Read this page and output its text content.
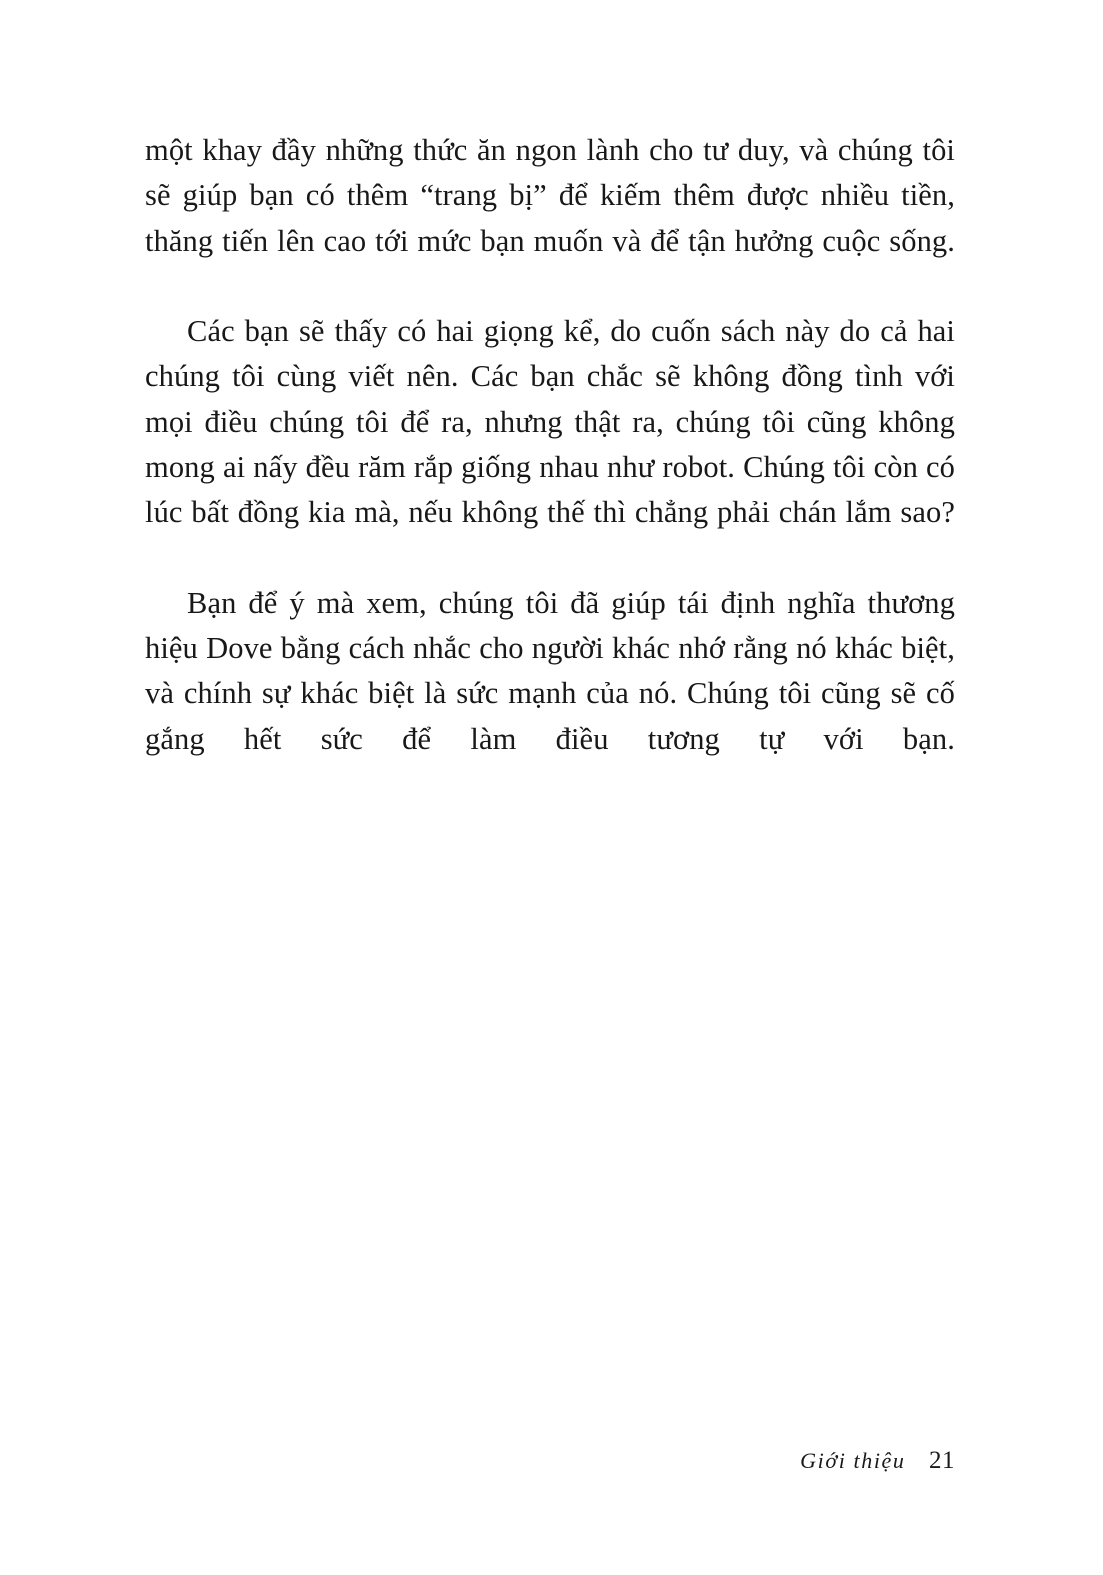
một khay đầy những thức ăn ngon lành cho tư duy, và chúng tôi sẽ giúp bạn có thêm “trang bị” để kiếm thêm được nhiều tiền, thăng tiến lên cao tới mức bạn muốn và để tận hưởng cuộc sống.

Các bạn sẽ thấy có hai giọng kể, do cuốn sách này do cả hai chúng tôi cùng viết nên. Các bạn chắc sẽ không đồng tình với mọi điều chúng tôi để ra, nhưng thật ra, chúng tôi cũng không mong ai nấy đều răm rắp giống nhau như robot. Chúng tôi còn có lúc bất đồng kia mà, nếu không thế thì chẳng phải chán lắm sao?

Bạn để ý mà xem, chúng tôi đã giúp tái định nghĩa thương hiệu Dove bằng cách nhắc cho người khác nhớ rằng nó khác biệt, và chính sự khác biệt là sức mạnh của nó. Chúng tôi cũng sẽ cố gắng hết sức để làm điều tương tự với bạn.

Giới thiệu 21
